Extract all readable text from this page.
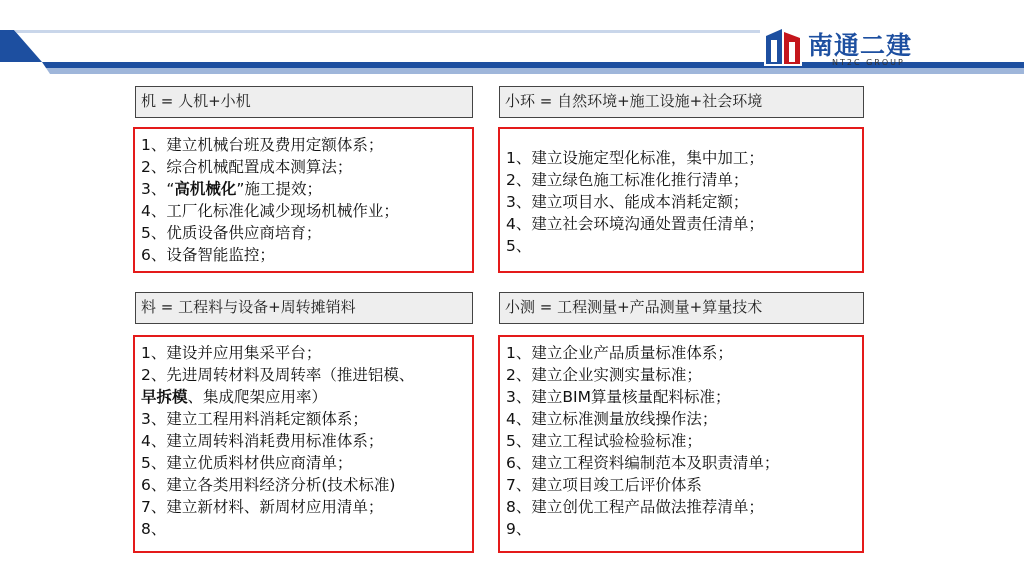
南通二建
NT2C GROUP
机 = 人机+小机
1、建立机械台班及费用定额体系；
2、综合机械配置成本测算法；
3、“高机械化”施工提效；
4、工厂化标准化减少现场机械作业；
5、优质设备供应商培育；
6、设备智能监控；
小环 = 自然环境+施工设施+社会环境
1、建立设施定型化标准，集中加工；
2、建立绿色施工标准化推行清单；
3、建立项目水、能成本消耗定额；
4、建立社会环境沟通处置责任清单；
5、
料 = 工程料与设备+周转摊销料
1、建设并应用集采平台；
2、先进周转材料及周转率（推进铝模、
早拆模、集成爬架应用率）
3、建立工程用料消耗定额体系；
4、建立周转料消耗费用标准体系；
5、建立优质料材供应商清单；
6、建立各类用料经济分析(技术标准)
7、建立新材料、新周材应用清单；
8、
小测 = 工程测量+产品测量+算量技术
1、建立企业产品质量标准体系；
2、建立企业实测实量标准；
3、建立BIM算量核量配料标准；
4、建立标准测量放线操作法；
5、建立工程试验检验标准；
6、建立工程资料编制范本及职责清单；
7、建立项目竣工后评价体系
8、建立创优工程产品做法推荐清单；
9、
